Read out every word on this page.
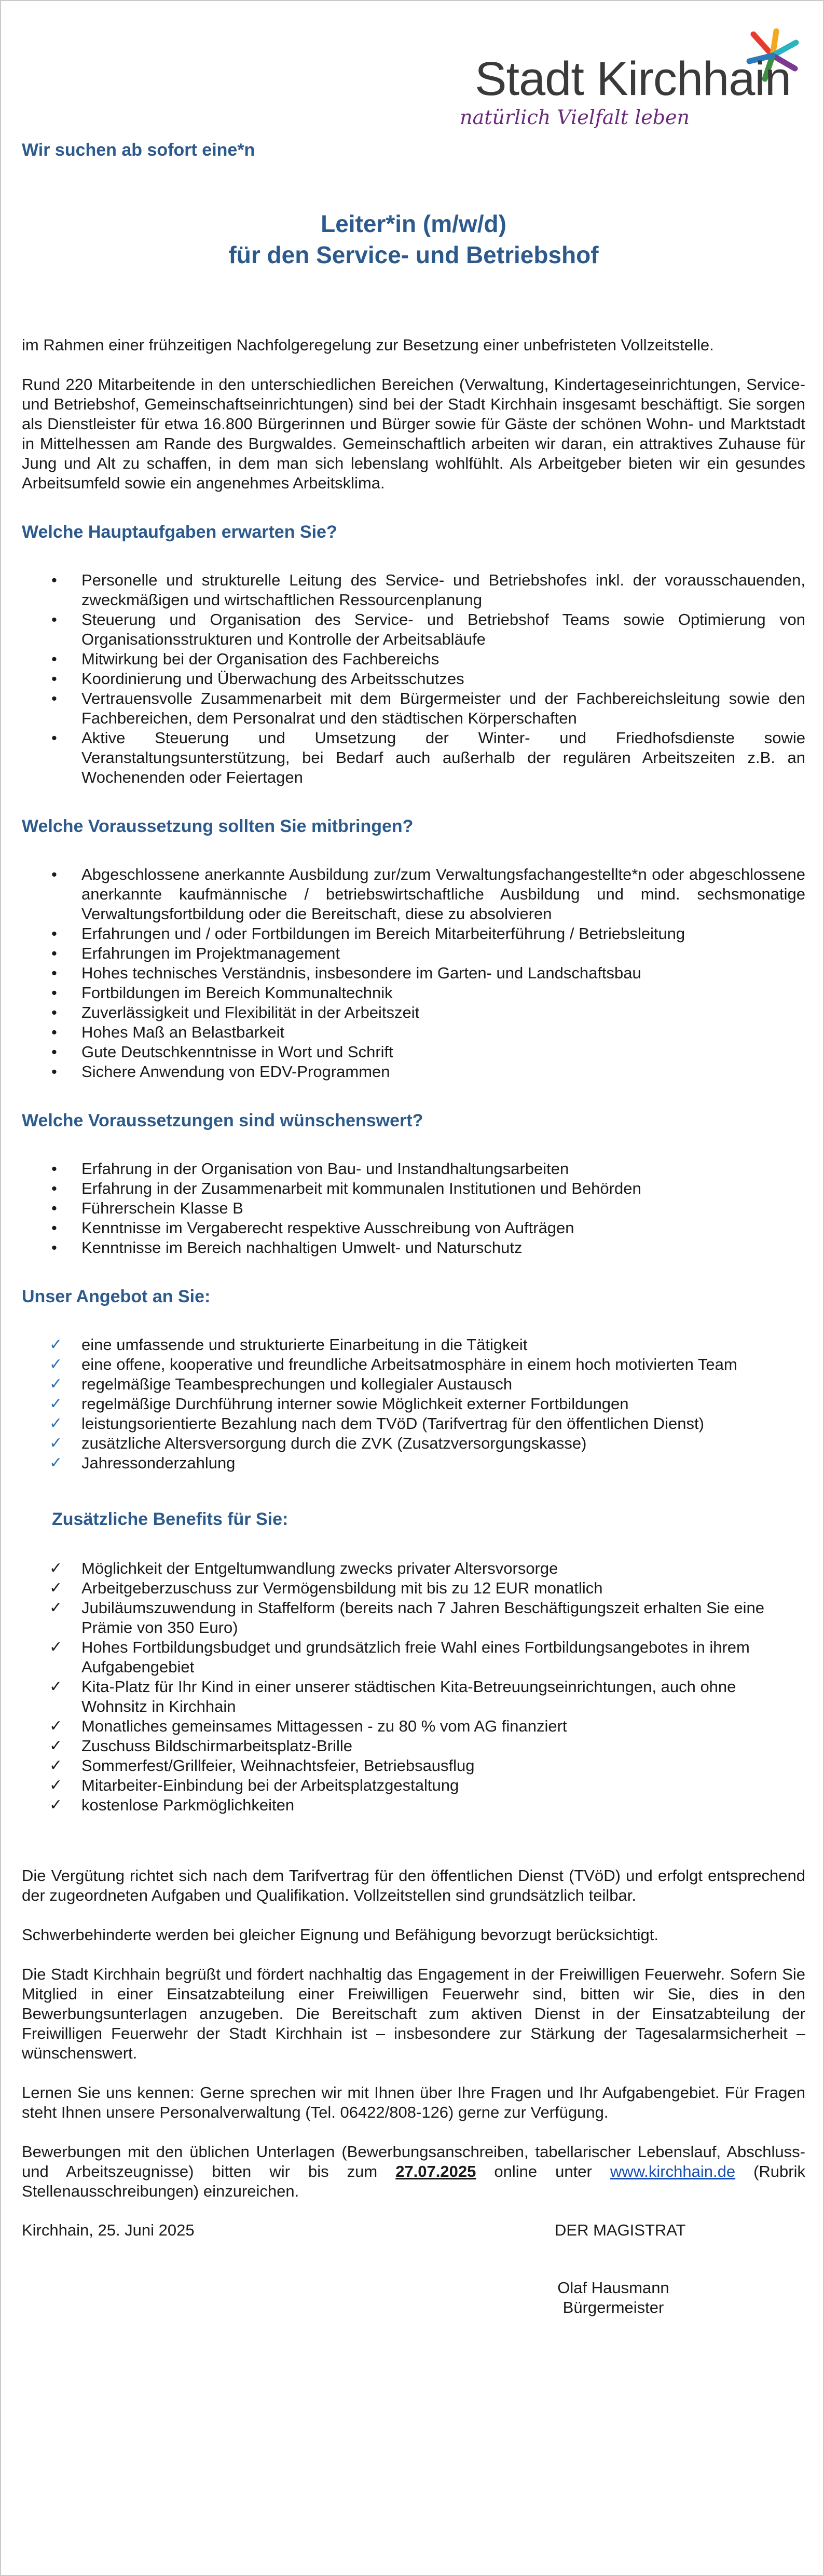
Stadt Kirchhain
natürlich Vielfalt leben
Wir suchen ab sofort eine*n
Leiter*in (m/w/d)
für den Service- und Betriebshof

im Rahmen einer frühzeitigen Nachfolgeregelung zur Besetzung einer unbefristeten Vollzeitstelle.

Rund 220 Mitarbeitende in den unterschiedlichen Bereichen (Verwaltung, Kindertageseinrichtungen, Service- und Betriebshof, Gemeinschaftseinrichtungen) sind bei der Stadt Kirchhain insgesamt beschäftigt. Sie sorgen als Dienstleister für etwa 16.800 Bürgerinnen und Bürger sowie für Gäste der schönen Wohn- und Marktstadt in Mittelhessen am Rande des Burgwaldes. Gemeinschaftlich arbeiten wir daran, ein attraktives Zuhause für Jung und Alt zu schaffen, in dem man sich lebenslang wohlfühlt. Als Arbeitgeber bieten wir ein gesundes Arbeitsumfeld sowie ein angenehmes Arbeitsklima.

Welche Hauptaufgaben erwarten Sie?
• Personelle und strukturelle Leitung des Service- und Betriebshofes inkl. der vorausschauenden, zweckmäßigen und wirtschaftlichen Ressourcenplanung
• Steuerung und Organisation des Service- und Betriebshof Teams sowie Optimierung von Organisationsstrukturen und Kontrolle der Arbeitsabläufe
• Mitwirkung bei der Organisation des Fachbereichs
• Koordinierung und Überwachung des Arbeitsschutzes
• Vertrauensvolle Zusammenarbeit mit dem Bürgermeister und der Fachbereichsleitung sowie den Fachbereichen, dem Personalrat und den städtischen Körperschaften
• Aktive Steuerung und Umsetzung der Winter- und Friedhofsdienste sowie Veranstaltungsunterstützung, bei Bedarf auch außerhalb der regulären Arbeitszeiten z.B. an Wochenenden oder Feiertagen
Welche Voraussetzung sollten Sie mitbringen?
• Abgeschlossene anerkannte Ausbildung zur/zum Verwaltungsfachangestellte*n oder abgeschlossene anerkannte kaufmännische / betriebswirtschaftliche Ausbildung und mind. sechsmonatige Verwaltungsfortbildung oder die Bereitschaft, diese zu absolvieren
• Erfahrungen und / oder Fortbildungen im Bereich Mitarbeiterführung / Betriebsleitung
• Erfahrungen im Projektmanagement
• Hohes technisches Verständnis, insbesondere im Garten- und Landschaftsbau
• Fortbildungen im Bereich Kommunaltechnik
• Zuverlässigkeit und Flexibilität in der Arbeitszeit
• Hohes Maß an Belastbarkeit
• Gute Deutschkenntnisse in Wort und Schrift
• Sichere Anwendung von EDV-Programmen
Welche Voraussetzungen sind wünschenswert?
• Erfahrung in der Organisation von Bau- und Instandhaltungsarbeiten
• Erfahrung in der Zusammenarbeit mit kommunalen Institutionen und Behörden
• Führerschein Klasse B
• Kenntnisse im Vergaberecht respektive Ausschreibung von Aufträgen
• Kenntnisse im Bereich nachhaltigen Umwelt- und Naturschutz
Unser Angebot an Sie:
✓ eine umfassende und strukturierte Einarbeitung in die Tätigkeit
✓ eine offene, kooperative und freundliche Arbeitsatmosphäre in einem hoch motivierten Team
✓ regelmäßige Teambesprechungen und kollegialer Austausch
✓ regelmäßige Durchführung interner sowie Möglichkeit externer Fortbildungen
✓ leistungsorientierte Bezahlung nach dem TVöD (Tarifvertrag für den öffentlichen Dienst)
✓ zusätzliche Altersversorgung durch die ZVK (Zusatzversorgungskasse)
✓ Jahressonderzahlung
Zusätzliche Benefits für Sie:
✓ Möglichkeit der Entgeltumwandlung zwecks privater Altersvorsorge
✓ Arbeitgeberzuschuss zur Vermögensbildung mit bis zu 12 EUR monatlich
✓ Jubiläumszuwendung in Staffelform (bereits nach 7 Jahren Beschäftigungszeit erhalten Sie eine Prämie von 350 Euro)
✓ Hohes Fortbildungsbudget und grundsätzlich freie Wahl eines Fortbildungsangebotes in ihrem Aufgabengebiet
✓ Kita-Platz für Ihr Kind in einer unserer städtischen Kita-Betreuungseinrichtungen, auch ohne Wohnsitz in Kirchhain
✓ Monatliches gemeinsames Mittagessen - zu 80 % vom AG finanziert
✓ Zuschuss Bildschirmarbeitsplatz-Brille
✓ Sommerfest/Grillfeier, Weihnachtsfeier, Betriebsausflug
✓ Mitarbeiter-Einbindung bei der Arbeitsplatzgestaltung
✓ kostenlose Parkmöglichkeiten

Die Vergütung richtet sich nach dem Tarifvertrag für den öffentlichen Dienst (TVöD) und erfolgt entsprechend der zugeordneten Aufgaben und Qualifikation. Vollzeitstellen sind grundsätzlich teilbar.

Schwerbehinderte werden bei gleicher Eignung und Befähigung bevorzugt berücksichtigt.

Die Stadt Kirchhain begrüßt und fördert nachhaltig das Engagement in der Freiwilligen Feuerwehr. Sofern Sie Mitglied in einer Einsatzabteilung einer Freiwilligen Feuerwehr sind, bitten wir Sie, dies in den Bewerbungsunterlagen anzugeben. Die Bereitschaft zum aktiven Dienst in der Einsatzabteilung der Freiwilligen Feuerwehr der Stadt Kirchhain ist – insbesondere zur Stärkung der Tagesalarmsicherheit – wünschenswert.

Lernen Sie uns kennen: Gerne sprechen wir mit Ihnen über Ihre Fragen und Ihr Aufgabengebiet. Für Fragen steht Ihnen unsere Personalverwaltung (Tel. 06422/808-126) gerne zur Verfügung.

Bewerbungen mit den üblichen Unterlagen (Bewerbungsanschreiben, tabellarischer Lebenslauf, Abschluss- und Arbeitszeugnisse) bitten wir bis zum 27.07.2025 online unter www.kirchhain.de (Rubrik Stellenausschreibungen) einzureichen.

Kirchhain, 25. Juni 2025	DER MAGISTRAT
Olaf Hausmann
Bürgermeister
